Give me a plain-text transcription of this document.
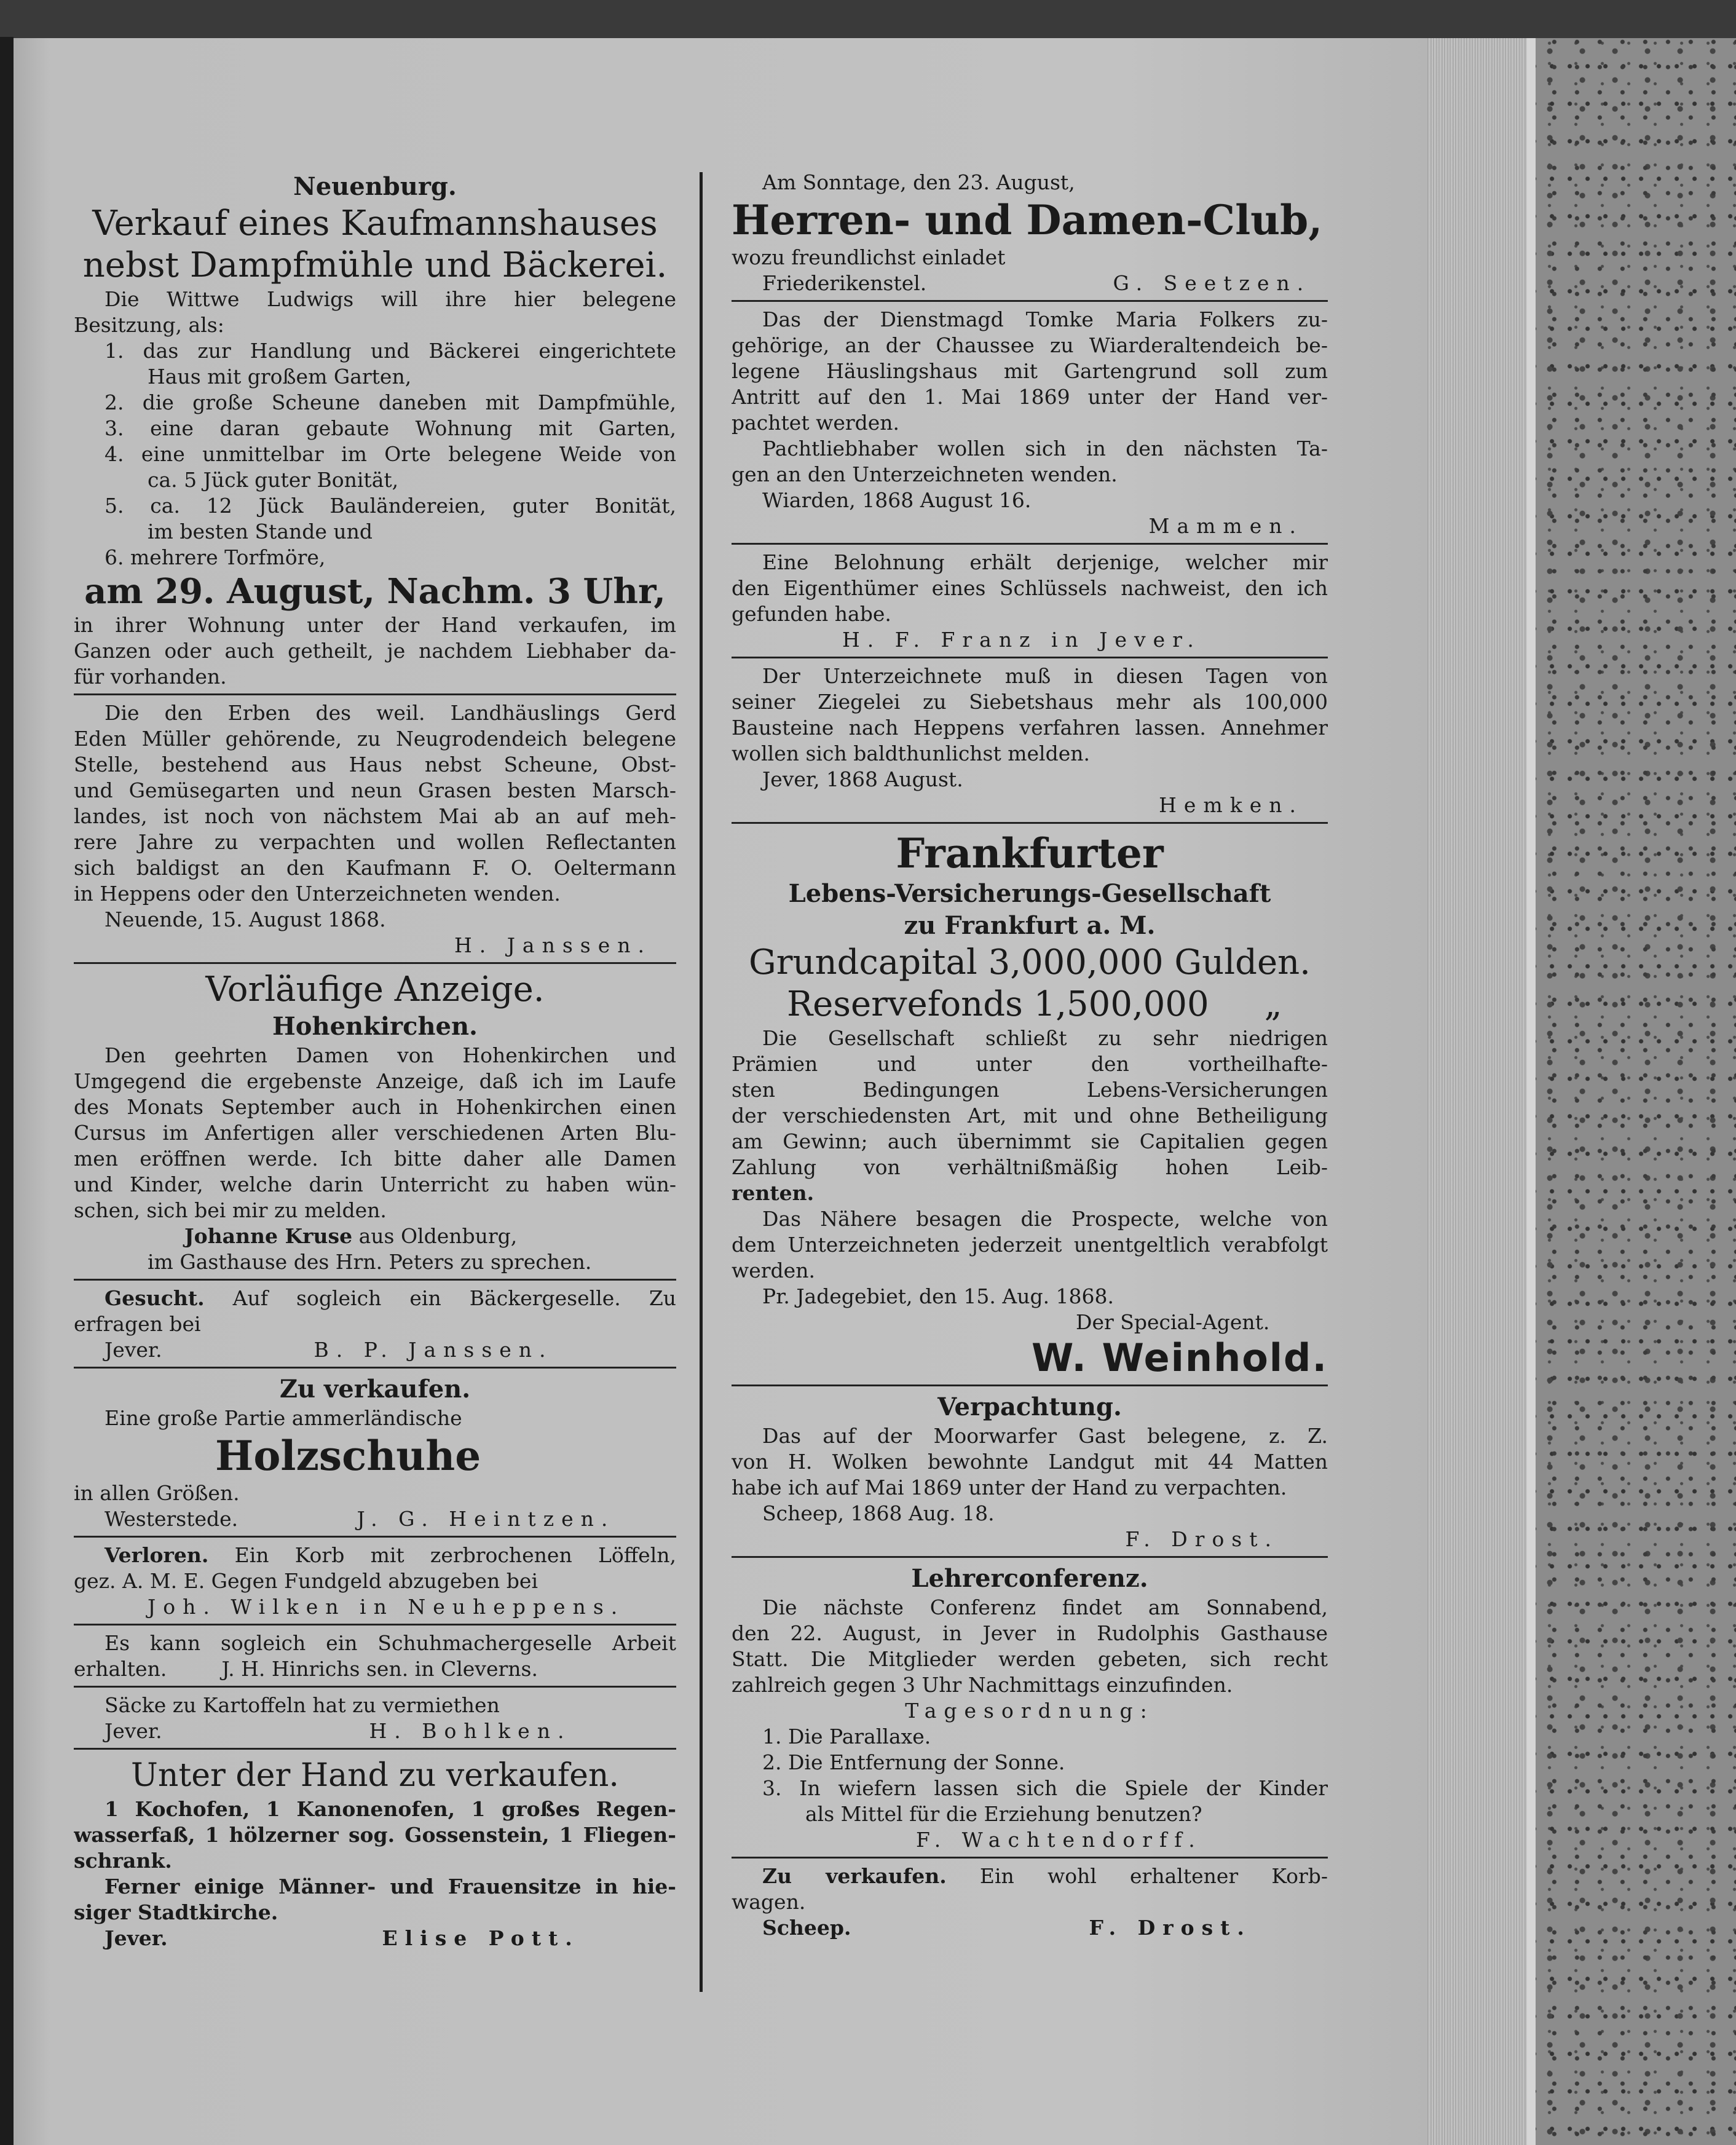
Neuenburg.
Verkauf eines Kaufmannshauses
nebst Dampfmühle und Bäckerei.
Die Wittwe Ludwigs will ihre hier belegene
Besitzung, als:
1. das zur Handlung und Bäckerei eingerichtete
Haus mit großem Garten,
2. die große Scheune daneben mit Dampfmühle,
3. eine daran gebaute Wohnung mit Garten,
4. eine unmittelbar im Orte belegene Weide von
ca. 5 Jück guter Bonität,
5. ca. 12 Jück Bauländereien, guter Bonität,
im besten Stande und
6. mehrere Torfmöre,
am 29. August, Nachm. 3 Uhr,
in ihrer Wohnung unter der Hand verkaufen, im
Ganzen oder auch getheilt, je nachdem Liebhaber da-
für vorhanden.
Die den Erben des weil. Landhäuslings Gerd
Eden Müller gehörende, zu Neugrodendeich belegene
Stelle, bestehend aus Haus nebst Scheune, Obst-
und Gemüsegarten und neun Grasen besten Marsch-
landes, ist noch von nächstem Mai ab an auf meh-
rere Jahre zu verpachten und wollen Reflectanten
sich baldigst an den Kaufmann F. O. Oeltermann
in Heppens oder den Unterzeichneten wenden.
Neuende, 15. August 1868.
H. Janssen.
Vorläufige Anzeige.
Hohenkirchen.
Den geehrten Damen von Hohenkirchen und
Umgegend die ergebenste Anzeige, daß ich im Laufe
des Monats September auch in Hohenkirchen einen
Cursus im Anfertigen aller verschiedenen Arten Blu-
men eröffnen werde. Ich bitte daher alle Damen
und Kinder, welche darin Unterricht zu haben wün-
schen, sich bei mir zu melden.
Johanne Kruse aus Oldenburg,
im Gasthause des Hrn. Peters zu sprechen.
Gesucht. Auf sogleich ein Bäckergeselle. Zu
erfragen bei
Jever.	B. P. Janssen.
Zu verkaufen.
Eine große Partie ammerländische
Holzschuhe
in allen Größen.
Westerstede.	J. G. Heintzen.
Verloren. Ein Korb mit zerbrochenen Löffeln,
gez. A. M. E. Gegen Fundgeld abzugeben bei
Joh. Wilken in Neuheppens.
Es kann sogleich ein Schuhmachergeselle Arbeit
erhalten.	J. H. Hinrichs sen. in Cleverns.
Säcke zu Kartoffeln hat zu vermiethen
Jever.	H. Bohlken.
Unter der Hand zu verkaufen.
1 Kochofen, 1 Kanonenofen, 1 großes Regen-
wasserfaß, 1 hölzerner sog. Gossenstein, 1 Fliegen-
schrank.
Ferner einige Männer- und Frauensitze in hie-
siger Stadtkirche.
Jever.	Elise Pott.
Am Sonntage, den 23. August,
Herren- und Damen-Club,
wozu freundlichst einladet
Friederikenstel.	G. Seetzen.
Das der Dienstmagd Tomke Maria Folkers zu-
gehörige, an der Chaussee zu Wiarderaltendeich be-
legene Häuslingshaus mit Gartengrund soll zum
Antritt auf den 1. Mai 1869 unter der Hand ver-
pachtet werden.
Pachtliebhaber wollen sich in den nächsten Ta-
gen an den Unterzeichneten wenden.
Wiarden, 1868 August 16.
Mammen.
Eine Belohnung erhält derjenige, welcher mir
den Eigenthümer eines Schlüssels nachweist, den ich
gefunden habe.
H. F. Franz in Jever.
Der Unterzeichnete muß in diesen Tagen von
seiner Ziegelei zu Siebetshaus mehr als 100,000
Bausteine nach Heppens verfahren lassen. Annehmer
wollen sich baldthunlichst melden.
Jever, 1868 August.
Hemken.
Frankfurter
Lebens-Versicherungs-Gesellschaft
zu Frankfurt a. M.
Grundcapital 3,000,000 Gulden.
Reservefonds 1,500,000 „
Die Gesellschaft schließt zu sehr niedrigen
Prämien und unter den vortheilhafte-
sten Bedingungen Lebens-Versicherungen
der verschiedensten Art, mit und ohne Betheiligung
am Gewinn; auch übernimmt sie Capitalien gegen
Zahlung von verhältnißmäßig hohen Leib-
renten.
Das Nähere besagen die Prospecte, welche von
dem Unterzeichneten jederzeit unentgeltlich verabfolgt
werden.
Pr. Jadegebiet, den 15. Aug. 1868.
Der Special-Agent.
W. Weinhold.
Verpachtung.
Das auf der Moorwarfer Gast belegene, z. Z.
von H. Wolken bewohnte Landgut mit 44 Matten
habe ich auf Mai 1869 unter der Hand zu verpachten.
Scheep, 1868 Aug. 18.
F. Drost.
Lehrerconferenz.
Die nächste Conferenz findet am Sonnabend,
den 22. August, in Jever in Rudolphis Gasthause
Statt. Die Mitglieder werden gebeten, sich recht
zahlreich gegen 3 Uhr Nachmittags einzufinden.
Tagesordnung:
1. Die Parallaxe.
2. Die Entfernung der Sonne.
3. In wiefern lassen sich die Spiele der Kinder
als Mittel für die Erziehung benutzen?
F. Wachtendorff.
Zu verkaufen. Ein wohl erhaltener Korb-
wagen.
Scheep.	F. Drost.
